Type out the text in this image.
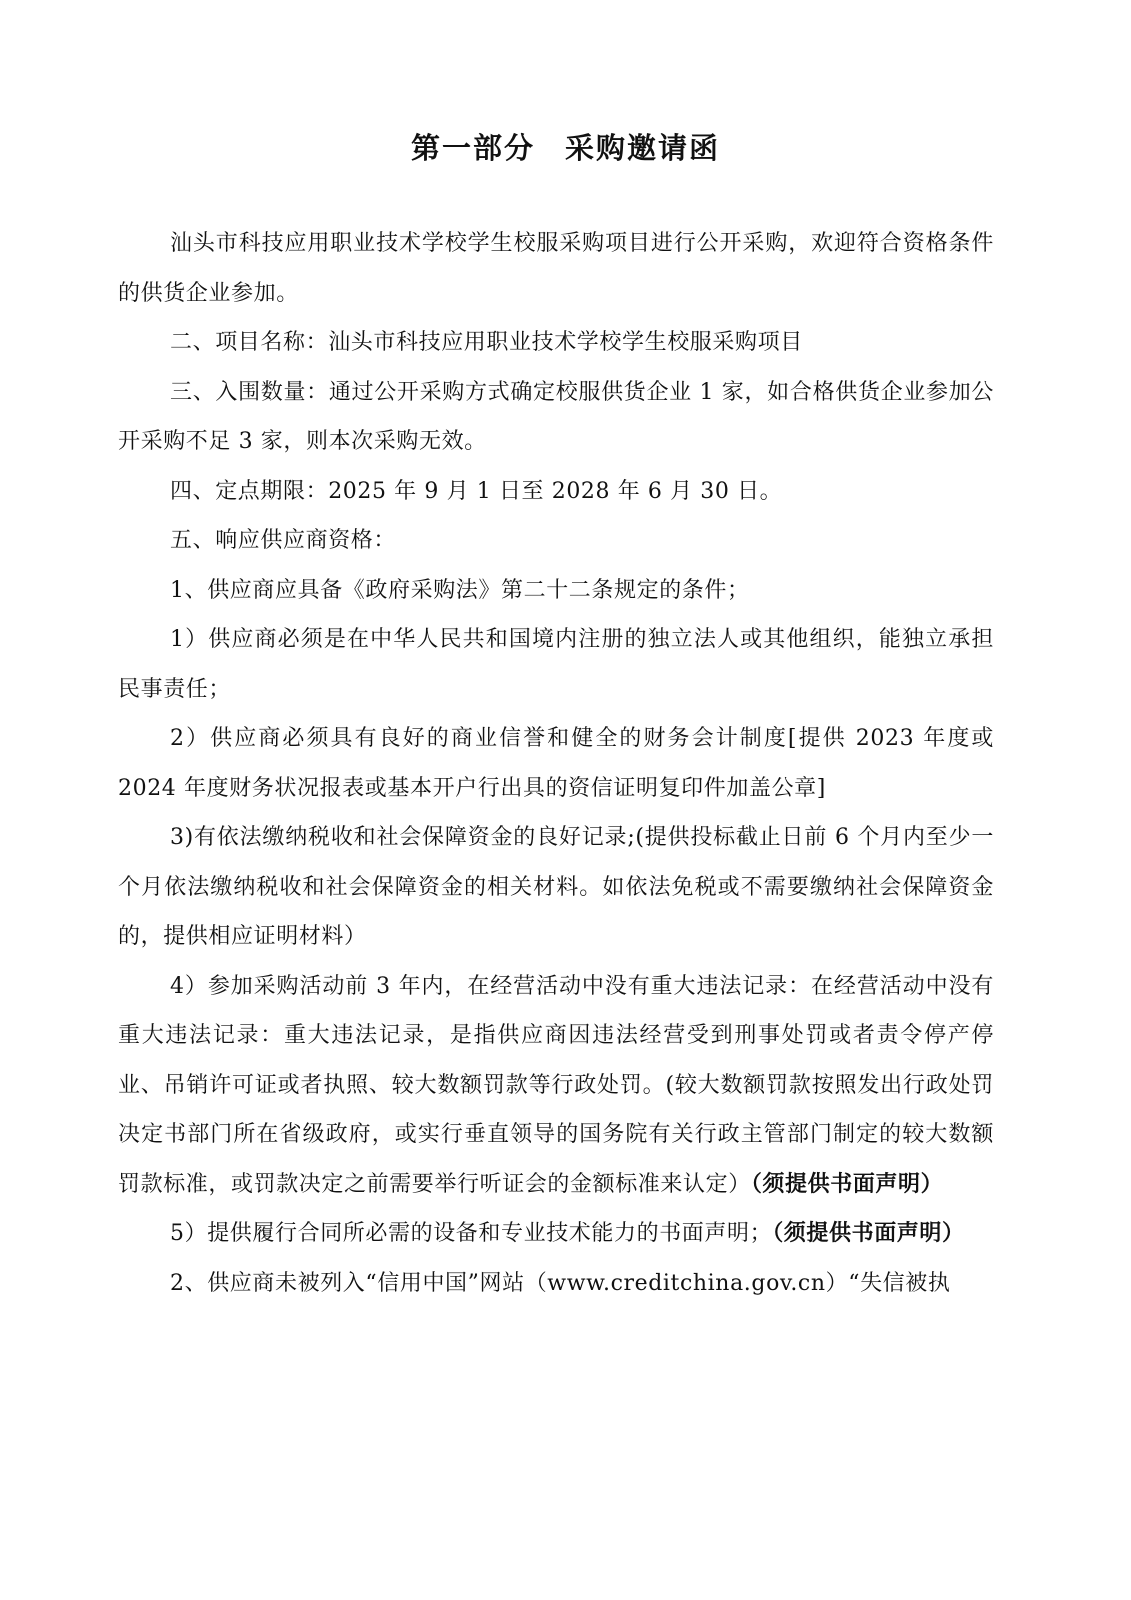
第一部分 采购邀请函

汕头市科技应用职业技术学校学生校服采购项目进行公开采购，欢迎符合资格条件的供货企业参加。

二、项目名称：汕头市科技应用职业技术学校学生校服采购项目

三、入围数量：通过公开采购方式确定校服供货企业 1 家，如合格供货企业参加公开采购不足 3 家，则本次采购无效。

四、定点期限：2025 年 9 月 1 日至 2028 年 6 月 30 日。

五、响应供应商资格：

1、供应商应具备《政府采购法》第二十二条规定的条件；

1）供应商必须是在中华人民共和国境内注册的独立法人或其他组织，能独立承担民事责任；

2）供应商必须具有良好的商业信誉和健全的财务会计制度[提供 2023 年度或 2024 年度财务状况报表或基本开户行出具的资信证明复印件加盖公章]

3)有依法缴纳税收和社会保障资金的良好记录;(提供投标截止日前 6 个月内至少一个月依法缴纳税收和社会保障资金的相关材料。如依法免税或不需要缴纳社会保障资金的，提供相应证明材料）

4）参加采购活动前 3 年内，在经营活动中没有重大违法记录：在经营活动中没有重大违法记录：重大违法记录，是指供应商因违法经营受到刑事处罚或者责令停产停业、吊销许可证或者执照、较大数额罚款等行政处罚。(较大数额罚款按照发出行政处罚决定书部门所在省级政府，或实行垂直领导的国务院有关行政主管部门制定的较大数额罚款标准，或罚款决定之前需要举行听证会的金额标准来认定）（须提供书面声明）

5）提供履行合同所必需的设备和专业技术能力的书面声明；（须提供书面声明）

2、供应商未被列入“信用中国”网站（www.creditchina.gov.cn）“失信被执
